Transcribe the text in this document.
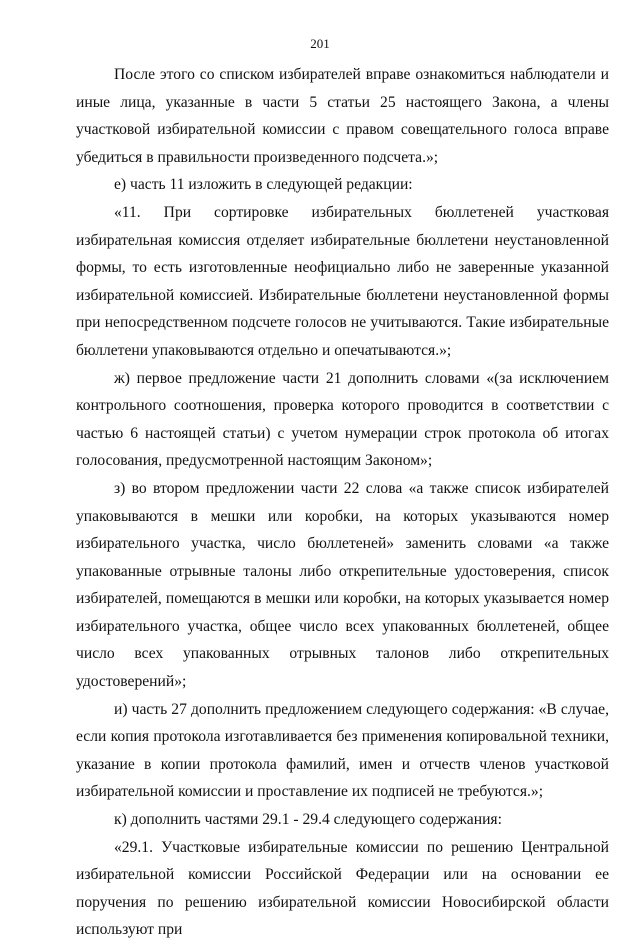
201

После этого со списком избирателей вправе ознакомиться наблюдатели и иные лица, указанные в части 5 статьи 25 настоящего Закона, а члены участковой избирательной комиссии с правом совещательного голоса вправе убедиться в правильности произведенного подсчета.»;

е) часть 11 изложить в следующей редакции:

«11. При сортировке избирательных бюллетеней участковая избирательная комиссия отделяет избирательные бюллетени неустановленной формы, то есть изготовленные неофициально либо не заверенные указанной избирательной комиссией. Избирательные бюллетени неустановленной формы при непосредственном подсчете голосов не учитываются. Такие избирательные бюллетени упаковываются отдельно и опечатываются.»;

ж) первое предложение части 21 дополнить словами «(за исключением контрольного соотношения, проверка которого проводится в соответствии с частью 6 настоящей статьи) с учетом нумерации строк протокола об итогах голосования, предусмотренной настоящим Законом»;

з) во втором предложении части 22 слова «а также список избирателей упаковываются в мешки или коробки, на которых указываются номер избирательного участка, число бюллетеней» заменить словами «а также упакованные отрывные талоны либо открепительные удостоверения, список избирателей, помещаются в мешки или коробки, на которых указывается номер избирательного участка, общее число всех упакованных бюллетеней, общее число всех упакованных отрывных талонов либо открепительных удостоверений»;

и) часть 27 дополнить предложением следующего содержания: «В случае, если копия протокола изготавливается без применения копировальной техники, указание в копии протокола фамилий, имен и отчеств членов участковой избирательной комиссии и проставление их подписей не требуются.»;

к) дополнить частями 29.1 - 29.4 следующего содержания:

«29.1. Участковые избирательные комиссии по решению Центральной избирательной комиссии Российской Федерации или на основании ее поручения по решению избирательной комиссии Новосибирской области используют при
